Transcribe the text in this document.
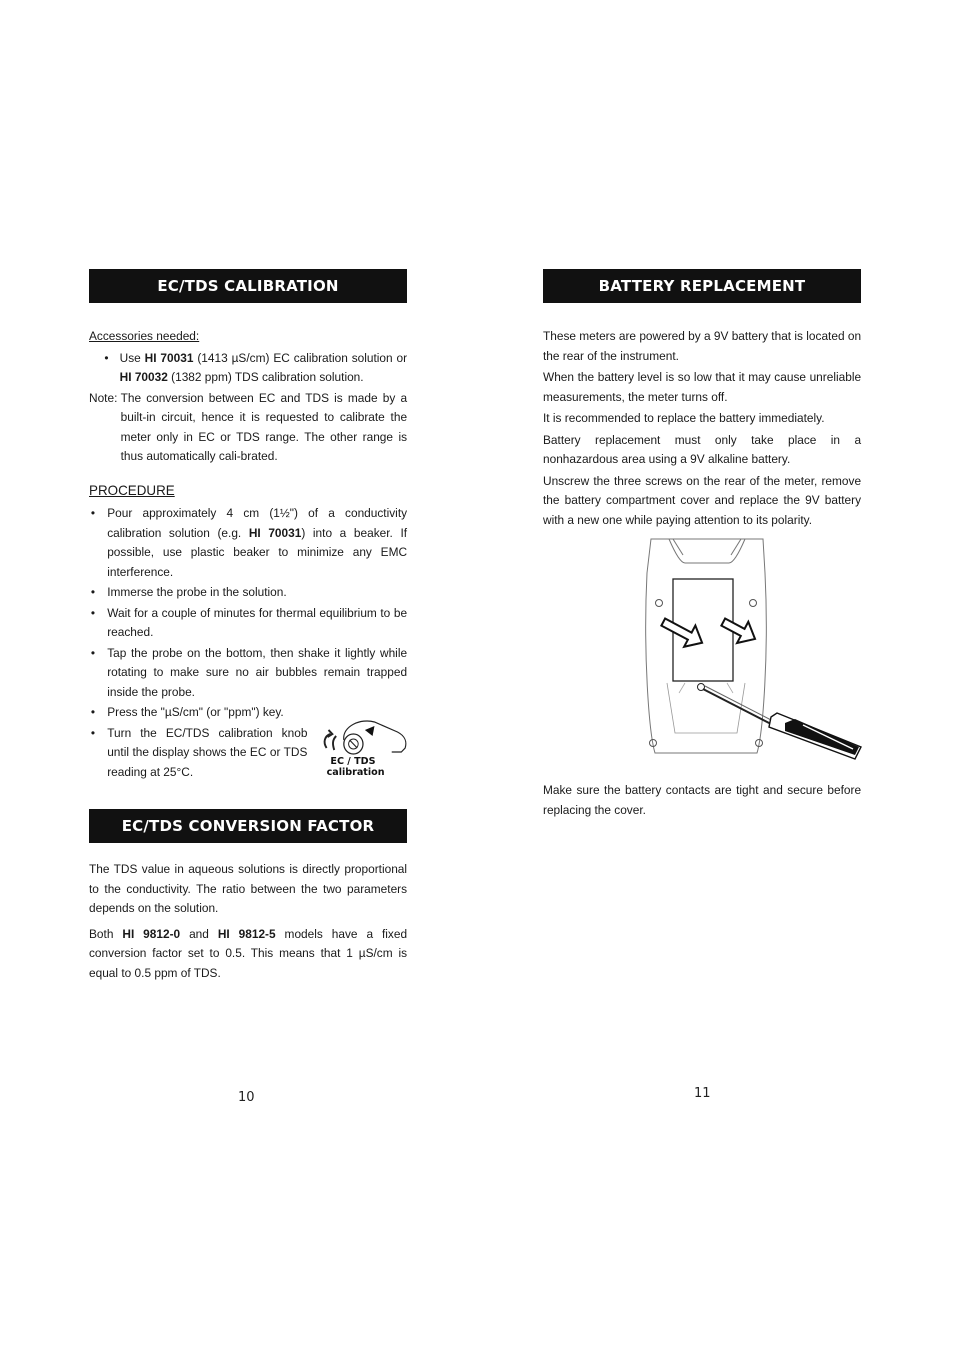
EC/TDS CALIBRATION

Accessories needed:

• Use HI 70031 (1413 µS/cm) EC calibration solution or HI 70032 (1382 ppm) TDS calibration solution.
Note: The conversion between EC and TDS is made by a built-in circuit, hence it is requested to calibrate the meter only in EC or TDS range. The other range is thus automatically cali-brated.
PROCEDURE
• Pour approximately 4 cm (1½") of a conductivity calibration solution (e.g. HI 70031) into a beaker. If possible, use plastic beaker to minimize any EMC interference.
• Immerse the probe in the solution.
• Wait for a couple of minutes for thermal equilibrium to be reached.
• Tap the probe on the bottom, then shake it lightly while rotating to make sure no air bubbles remain trapped inside the probe.
• Press the "µS/cm" (or "ppm") key.
• Turn the EC/TDS calibration knob until the display shows the EC or TDS reading at 25°C.
EC / TDS
calibration
EC/TDS CONVERSION FACTOR

The TDS value in aqueous solutions is directly proportional to the conductivity. The ratio between the two parameters depends on the solution.

Both HI 9812-0 and HI 9812-5 models have a fixed conversion factor set to 0.5. This means that 1 µS/cm is equal to 0.5 ppm of TDS.

10
BATTERY REPLACEMENT

These meters are powered by a 9V battery that is located on the rear of the instrument.

When the battery level is so low that it may cause unreliable measurements, the meter turns off.

It is recommended to replace the battery immediately.

Battery replacement must only take place in a nonhazardous area using a 9V alkaline battery.

Unscrew the three screws on the rear of the meter, remove the battery compartment cover and replace the 9V battery with a new one while paying attention to its polarity.

Make sure the battery contacts are tight and secure before replacing the cover.

11
